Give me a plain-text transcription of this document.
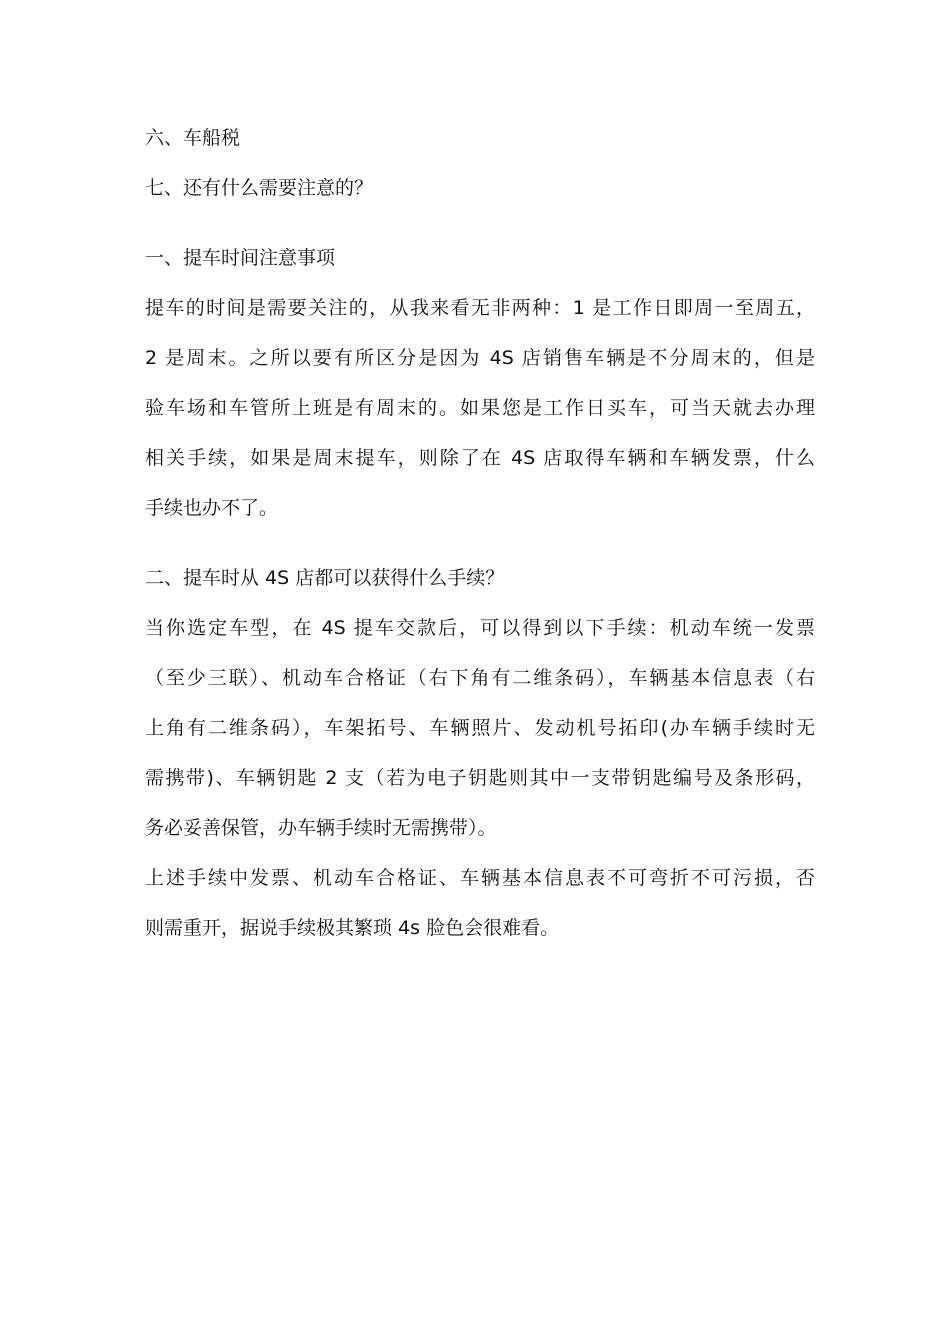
六、车船税
七、还有什么需要注意的？
一、提车时间注意事项
提车的时间是需要关注的，从我来看无非两种：1 是工作日即周一至周五，
2 是周末。之所以要有所区分是因为 4S 店销售车辆是不分周末的，但是
验车场和车管所上班是有周末的。如果您是工作日买车，可当天就去办理
相关手续，如果是周末提车，则除了在 4S 店取得车辆和车辆发票，什么
手续也办不了。
二、提车时从 4S 店都可以获得什么手续？
当你选定车型，在 4S 提车交款后，可以得到以下手续：机动车统一发票
（至少三联）、机动车合格证（右下角有二维条码），车辆基本信息表（右
上角有二维条码），车架拓号、车辆照片、发动机号拓印(办车辆手续时无
需携带)、车辆钥匙 2 支（若为电子钥匙则其中一支带钥匙编号及条形码，
务必妥善保管，办车辆手续时无需携带）。
上述手续中发票、机动车合格证、车辆基本信息表不可弯折不可污损，否
则需重开，据说手续极其繁琐 4s 脸色会很难看。
